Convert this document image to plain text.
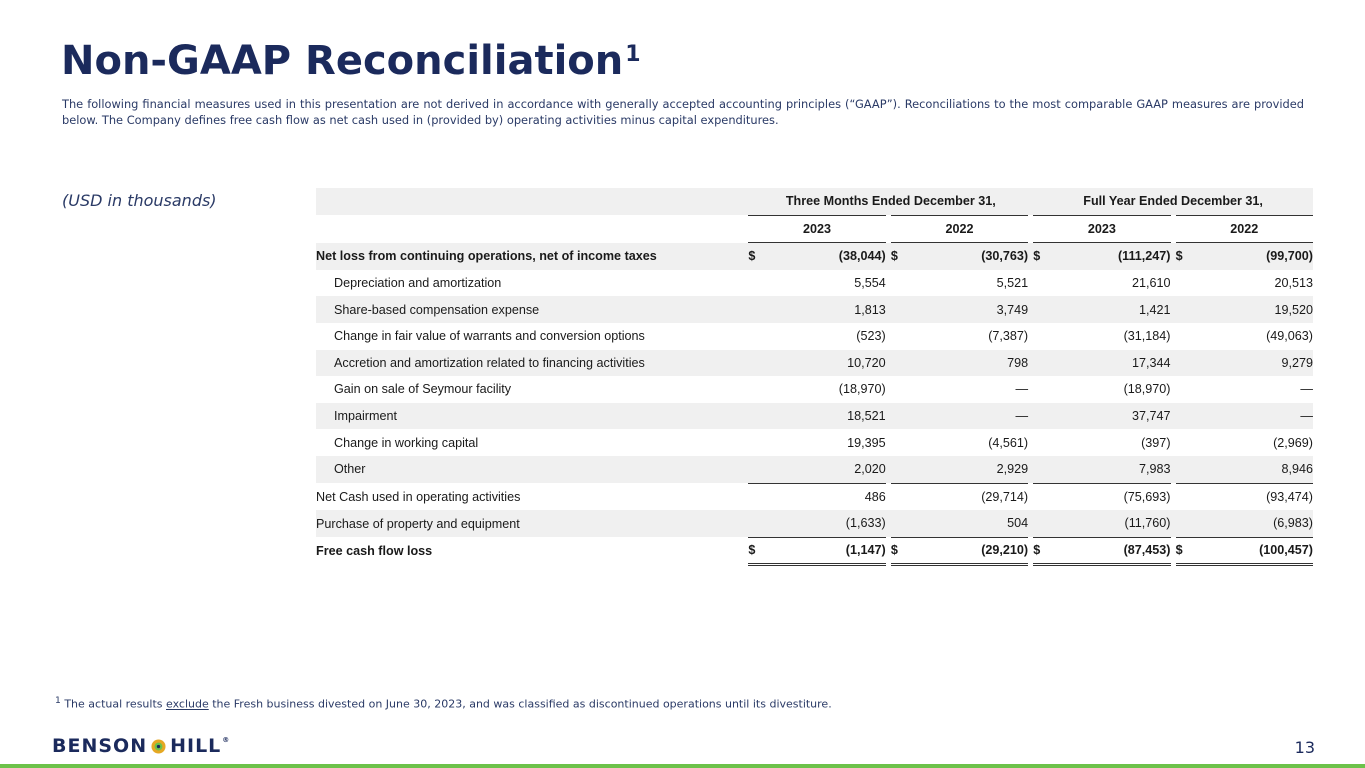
Non-GAAP Reconciliation$^1$

The following financial measures used in this presentation are not derived in accordance with generally accepted accounting principles (“GAAP”). Reconciliations to the most comparable GAAP measures are provided below. The Company defines free cash flow as net cash used in (provided by) operating activities minus capital expenditures.

(USD in thousands)
		Three Months Ended December 31,						Full Year Ended December 31,				
	2023			2022			2023			2022	
Net loss from continuing operations, net of income taxes	$	(38,044)		$	(30,763)		$	(111,247)		$	(99,700)
Depreciation and amortization	5,554			5,521			21,610			20,513	
Share-based compensation expense	1,813			3,749			1,421			19,520	
Change in fair value of warrants and conversion options	(523)			(7,387)			(31,184)			(49,063)	
Accretion and amortization related to financing activities	10,720			798			17,344			9,279	
Gain on sale of Seymour facility	(18,970)			—			(18,970)			—	
Impairment	18,521			—			37,747			—	
Change in working capital	19,395			(4,561)			(397)			(2,969)	
Other	2,020			2,929			7,983			8,946	
Net Cash used in operating activities	486			(29,714)			(75,693)			(93,474)	
Purchase of property and equipment	(1,633)			504			(11,760)			(6,983)	
Free cash flow loss	$	(1,147)		$	(29,210)		$	(87,453)		$	(100,457)
$^1$ The actual results exclude the Fresh business divested on June 30, 2023, and was classified as discontinued operations until its divestiture.
BENSON HILL ®	13
